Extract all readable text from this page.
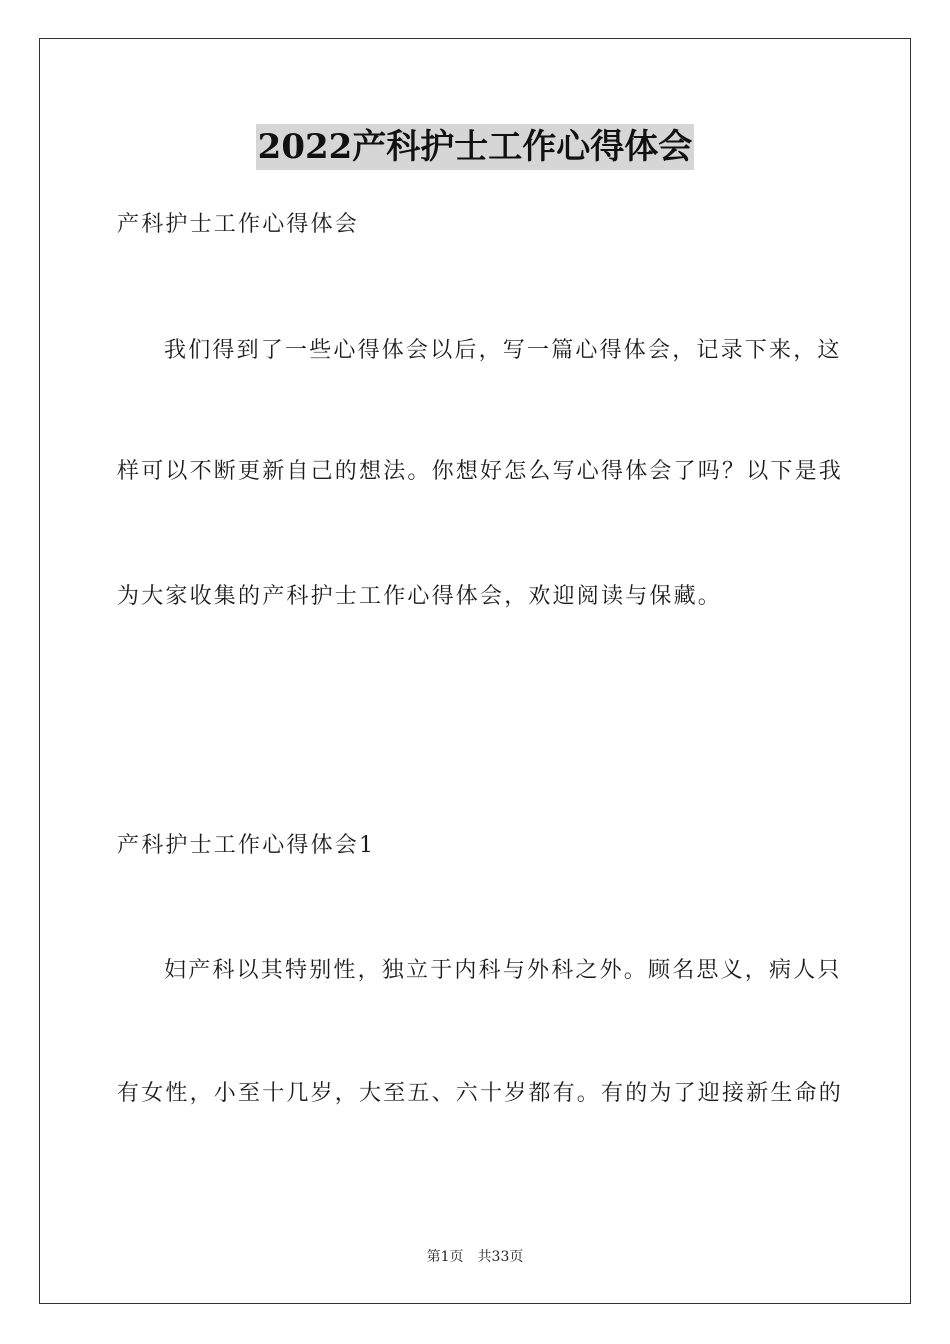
2022产科护士工作心得体会
产科护士工作心得体会
我们得到了一些心得体会以后，写一篇心得体会，记录下来，这
样可以不断更新自己的想法。你想好怎么写心得体会了吗？以下是我
为大家收集的产科护士工作心得体会，欢迎阅读与保藏。
产科护士工作心得体会1
妇产科以其特别性，独立于内科与外科之外。顾名思义，病人只
有女性，小至十几岁，大至五、六十岁都有。有的为了迎接新生命的
第1页 共33页
